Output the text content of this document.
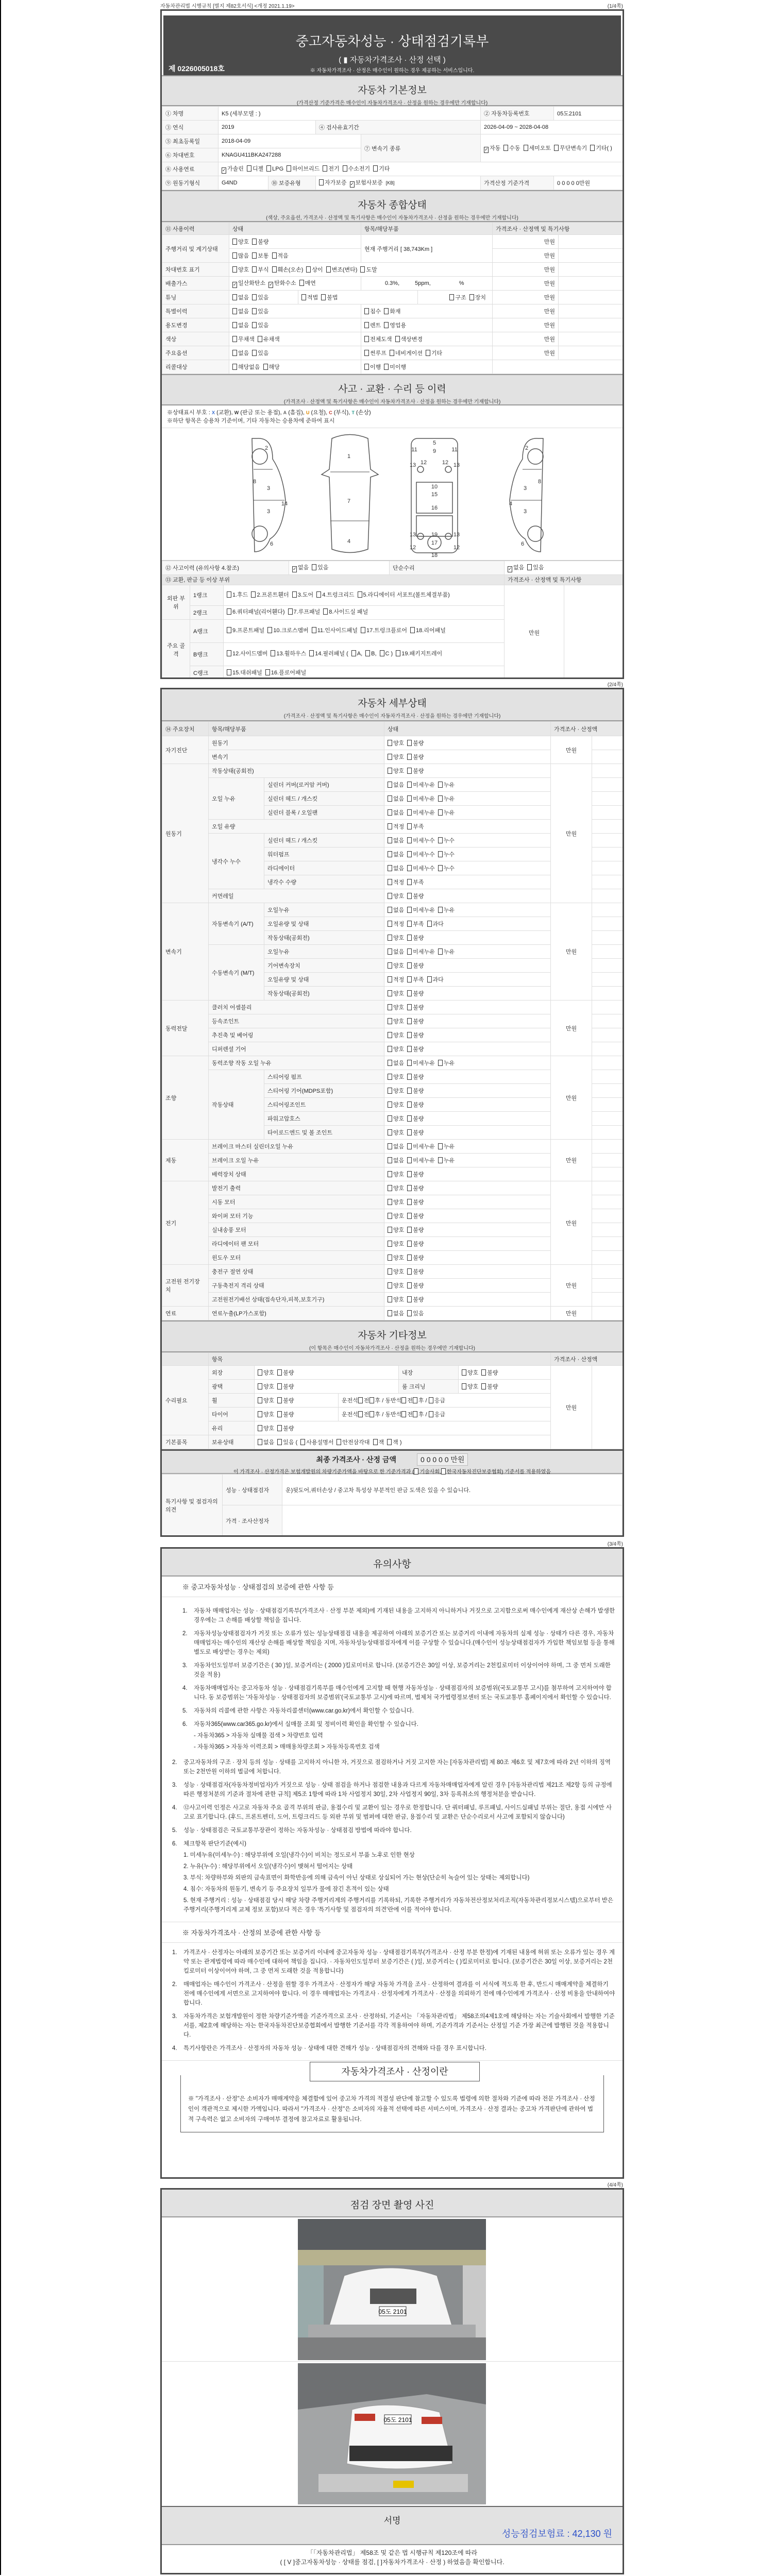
자동차관리법 시행규칙 [별지 제82호서식] <개정 2021.1.19>	(1/4쪽)
(2/4쪽)
(3/4쪽)
(4/4쪽)
중고자동차성능 · 상태점검기록부
( ▮ 자동차가격조사 · 산정 선택 )
※ 자동차가격조사 · 산정은 매수인이 원하는 경우 제공하는 서비스입니다.
제 0226005018호
자동차 기본정보
(가격산정 기준가격은 매수인이 자동차가격조사 · 산정을 원하는 경우에만 기재합니다)
① 차명	K5 (세부모델 : )				② 자동차등록번호	05도2101
③ 연식	2019		④ 검사유효기간		2026-04-09 ~ 2028-04-08	
⑤ 최초등록일	2018-04-09			⑦ 변속기 종류	✓ 자동 수동 세미오토 무단변속기 기타( )	
⑥ 차대번호	KNAGU411BKA247288					
⑧ 사용연료	✓ 가솔린 디젤 LPG 하이브리드 전기 수소전기 기타					
⑨ 원동기형식	G4ND	⑩ 보증유형	자가보증 ✓ 보험사보증 [KB]		가격산정 기준가격	0 0 0 0 0만원
자동차 종합상태
(색상, 주요옵션, 가격조사 · 산정액 및 특기사항은 매수인이 자동차가격조사 · 산정을 원하는 경우에만 기재합니다)
⑪ 사용이력	상태		항목/해당부품		가격조사 · 산정액 및 특기사항	
주행거리 및 계기상태	양호 불량		현재 주행거리 [ 38,743Km ]		만원	
	많음 보통 적음				만원	
차대번호 표기	양호 부식 훼손(오손) 상이 변조(변타) 도말				만원	
배출가스	✓ 일산화탄소 ✓ 탄화수소 매연		0.3%, 5ppm, %		만원	
튜닝	없음 있음	적법 불법		구조 장치	만원	
특별이력	없음 있음		침수 화재		만원	
용도변경	없음 있음		렌트 영업용		만원	
색상	무채색 유채색		전체도색 색상변경		만원	
주요옵션	없음 있음		썬루프 네비게이션 기타		만원	
리콜대상	해당없음 해당		이행 미이행			
사고 · 교환 · 수리 등 이력
(가격조사 · 산정액 및 특기사항은 매수인이 자동차가격조사 · 산정을 원하는 경우에만 기재합니다)
※상태표시 부호 : X (교환), W (판금 또는 용접), A (흠집), U (요철), C (부식), T (손상)
※하단 항목은 승용차 기준이며, 기타 자동차는 승용차에 준하여 표시
2
8
3
3
14
6
1
7
4
5
9
11	11
13	13
12	12
10
15
16
19
13	13
12	12
17
18
2
3
8
4
3
6
⑫ 사고이력 (유의사항 4.참조)			✓ 없음 있음	단순수리	✓ 없음 있음	
⑬ 교환, 판금 등 이상 부위					가격조사 · 산정액 및 특기사항	
외판 부위	1랭크	1.후드 2.프론트휀더 3.도어 4.트렁크리드 5.라디에이터 서포트(볼트체결부품)			만원	
	2랭크	6.쿼터패널(리어휀다) 7.루프패널 8.사이드실 패널				
주요 골격	A랭크	9.프론트패널 10.크로스멤버 11.인사이드패널 17.트렁크플로어 18.리어패널				
	B랭크	12.사이드멤버 13.휠하우스 14.필러패널 ( A, B, C ) 19.패키지트레이				
	C랭크	15.대쉬패널 16.플로어패널				
자동차 세부상태
(가격조사 · 산정액 및 특기사항은 매수인이 자동차가격조사 · 산정을 원하는 경우에만 기재합니다)
⑭ 주요장치	항목/해당부품		상태	가격조사 · 산정액	
자기진단	원동기		양호 불량	만원	
	변속기		양호 불량		
원동기	작동상태(공회전)		양호 불량	만원	
	오일 누유	실린더 커버(로커암 커버)	없음 미세누유 누유		
		실린더 헤드 / 개스킷	없음 미세누유 누유		
		실린더 블록 / 오일팬	없음 미세누유 누유		
	오일 유량		적정 부족		
	냉각수 누수	실린더 헤드 / 개스킷	없음 미세누수 누수		
		워터펌프	없음 미세누수 누수		
		라디에이터	없음 미세누수 누수		
		냉각수 수량	적정 부족		
	커먼레일		양호 불량		
변속기	자동변속기 (A/T)	오일누유	없음 미세누유 누유	만원	
		오일유량 및 상태	적정 부족 과다		
		작동상태(공회전)	양호 불량		
	수동변속기 (M/T)	오일누유	없음 미세누유 누유		
		기어변속장치	양호 불량		
		오일유량 및 상태	적정 부족 과다		
		작동상태(공회전)	양호 불량		
동력전달	클러치 어셈블리		양호 불량	만원	
	등속조인트		양호 불량		
	추진축 및 베어링		양호 불량		
	디퍼렌셜 기어		양호 불량		
조향	동력조향 작동 오일 누유		없음 미세누유 누유	만원	
	작동상태	스티어링 펌프	양호 불량		
		스티어링 기어(MDPS포함)	양호 불량		
		스티어링조인트	양호 불량		
		파워고압호스	양호 불량		
		타이로드엔드 및 볼 조인트	양호 불량		
제동	브레이크 마스터 실린더오일 누유		없음 미세누유 누유	만원	
	브레이크 오일 누유		없음 미세누유 누유		
	배력장치 상태		양호 불량		
전기	발전기 출력		양호 불량	만원	
	시동 모터		양호 불량		
	와이퍼 모터 기능		양호 불량		
	실내송풍 모터		양호 불량		
	라디에이터 팬 모터		양호 불량		
	윈도우 모터		양호 불량		
고전원 전기장치	충전구 절연 상태		양호 불량	만원	
	구동축전지 격리 상태		양호 불량		
	고전원전기배선 상태(접속단자,피복,보호기구)		양호 불량		
연료	연료누출(LP가스포함)		없음 있음	만원	
자동차 기타정보
(이 항목은 매수인이 자동차가격조사 · 산정을 원하는 경우에만 기재합니다)
	항목					가격조사 · 산정액	
수리필요	외장	양호 불량		내장	양호 불량	만원	
	광택	양호 불량		룸 크리닝	양호 불량		
	휠	양호 불량	운전석 전 후 / 동반석 전 후 / 응급				
	타이어	양호 불량	운전석 전 후 / 동반석 전 후 / 응급				
	유리	양호 불량					
기본품목	보유상태	없음 있음 ( 사용설명서 안전삼각대 잭 잭 )					
최종 가격조사 · 산정 금액	0 0 0 0 0 만원
이 가격조사 · 산정가격은 보험개발원의 차량기준가액을 바탕으로 한 기준가격과 ( 기술사회, 한국자동차진단보증협회) 기준서를 적용하였음
특기사항 및 점검자의 의견	성능 · 상태점검자	운)뒷도어,쿼터손상 / 중고차 특성상 부분적인 판금 도색은 있을 수 있습니다.
	가격 · 조사산정자	
유의사항
※ 중고자동차성능 · 상태점검의 보증에 관한 사항 등
1.	자동차 매매업자는 성능 · 상태점검기록부(가격조사 · 산정 부분 제외)에 기재된 내용을 고지하지 아니하거나 거짓으로 고지함으로써 매수인에게 재산상 손해가 발생한 경우에는 그 손해를 배상할 책임을 집니다.
2.	자동차성능상태점검자가 거짓 또는 오류가 있는 성능상태점검 내용을 제공하여 아래의 보증기간 또는 보증거리 이내에 자동차의 실제 성능 · 상태가 다른 경우, 자동차매매업자는 매수인의 재산상 손해를 배상할 책임을 지며, 자동차성능상태점검자에게 이를 구상할 수 있습니다.(매수인이 성능상태점검자가 가입한 책임보험 등을 통해 별도로 배상받는 경우는 제외)
3.	자동차인도일부터 보증기간은 ( 30 )일, 보증거리는 ( 2000 )킬로미터로 합니다. (보증기간은 30일 이상, 보증거리는 2천킬로미터 이상이어야 하며, 그 중 먼저 도래한 것을 적용)
4.	자동차매매업자는 중고자동차 성능 · 상태점검기록부를 매수인에게 고지할 때 현행 자동차성능 · 상태점검자의 보증범위(국토교통부 고시)를 첨부하여 고지하여야 합니다. 동 보증범위는 '자동차성능 · 상태점검자의 보증범위'(국토교통부 고시)에 따르며, 법제처 국가법령정보센터 또는 국토교통부 홈페이지에서 확인할 수 있습니다.
5.	자동차의 리콜에 관한 사항은 자동차리콜센터(www.car.go.kr)에서 확인할 수 있습니다.
6.	자동차365(www.car365.go.kr)에서 실매물 조회 및 정비이력 확인을 확인할 수 있습니다.
- 자동차365 > 자동차 실매물 검색 > 차량번호 입력
- 자동차365 > 자동차 이력조회 > 매매용차량조회 > 자동차등록번호 검색
2.	중고자동차의 구조 · 장치 등의 성능 · 상태를 고지하지 아니한 자, 거짓으로 점검하거나 거짓 고지한 자는 [자동차관리법] 제 80조 제6호 및 제7호에 따라 2년 이하의 징역 또는 2천만원 이하의 벌금에 처합니다.
3.	성능 · 상태점검자(자동차정비업자)가 거짓으로 성능 · 상태 점검을 하거나 점검한 내용과 다르게 자동차매매업자에게 알린 경우 [자동차관리법 제21조 제2항 등의 규정에 따른 행정처분의 기준과 절차에 관한 규칙] 제5조 1항에 따라 1차 사업정지 30일, 2차 사업정지 90일, 3차 등록취소의 행정처분을 받습니다.
4.	⑫사고이력 인정은 사고로 자동차 주요 골격 부위의 판금, 용접수리 및 교환이 있는 경우로 한정합니다. 단 쿼터패널, 루프패널, 사이드실패널 부위는 절단, 용접 시에만 사고로 표기합니다. (후드, 프론트펜더, 도어, 트렁크리드 등 외판 부위 및 범퍼에 대한 판금, 용접수리 및 교환은 단순수리로서 사고에 포함되지 않습니다)
5.	성능 · 상태점검은 국토교통부장관이 정하는 자동차성능 · 상태점검 방법에 따라야 합니다.
6.	체크항목 판단기준(예시)
1. 미세누유(미세누수) : 해당부위에 오일(냉각수)이 비치는 정도로서 부품 노후로 인한 현상
2. 누유(누수) : 해당부위에서 오일(냉각수)이 맺혀서 떨어지는 상태
3. 부식: 차량하부와 외판의 금속표면이 화학반응에 의해 금속이 아닌 상태로 상실되어 가는 현상(단순히 녹슬어 있는 상태는 제외합니다)
4. 침수: 자동차의 원동기, 변속기 등 주요장치 일부가 물에 잠긴 흔적이 있는 상태
5. 현재 주행거리 : 성능 · 상태점검 당시 해당 차량 주행거리계의 주행거리를 기록하되, 기록한 주행거리가 자동차전산정보처리조직(자동차관리정보시스템)으로부터 받은 주행거리(주행거리계 교체 정보 포함)보다 적은 경우 '특기사항 및 점검자의 의견'란에 이를 적어야 합니다.
※ 자동차가격조사 · 산정의 보증에 관한 사항 등
1.	가격조사 · 산정자는 아래의 보증기간 또는 보증거리 이내에 중고자동차 성능 · 상태점검기록부(가격조사 · 산정 부분 한정)에 기재된 내용에 허위 또는 오류가 있는 경우 계약 또는 관계법령에 따라 매수인에 대하여 책임을 집니다. · 자동차인도일부터 보증기간은 ( )일, 보증거리는 ( )킬로미터로 합니다. (보증기간은 30일 이상, 보증거리는 2천킬로미터 이상이어야 하며, 그 중 먼저 도래한 것을 적용합니다)
2.	매매업자는 매수인이 가격조사 · 산정을 원할 경우 가격조사 · 산정자가 해당 자동차 가격을 조사 · 산정하여 결과를 이 서식에 적도록 한 후, 반드시 매매계약을 체결하기 전에 매수인에게 서면으로 고지하여야 합니다. 이 경우 매매업자는 가격조사 · 산정자에게 가격조사 · 산정을 의뢰하기 전에 매수인에게 가격조사 · 산정 비용을 안내하여야 합니다.
3.	자동차가격은 보험개발원이 정한 차량기준가액을 기준가격으로 조사 · 산정하되, 기준서는 「자동차관리법」 제58조의4제1호에 해당하는 자는 기술사회에서 발행한 기준서를, 제2호에 해당하는 자는 한국자동차진단보증협회에서 발행한 기준서를 각각 적용하여야 하며, 기준가격과 기준서는 산정일 기준 가장 최근에 발행된 것을 적용합니다.
4.	특기사항란은 가격조사 · 산정자의 자동차 성능 · 상태에 대한 견해가 성능 · 상태점검자의 견해와 다를 경우 표시합니다.
자동차가격조사 · 산정이란
※ "가격조사 · 산정"은 소비자가 매매계약을 체결함에 있어 중고차 가격의 적절성 판단에 참고할 수 있도록 법령에 의한 절차와 기준에 따라 전문 가격조사 · 산정인이 객관적으로 제시한 가액입니다. 따라서 "가격조사 · 산정"은 소비자의 자율적 선택에 따른 서비스이며, 가격조사 · 산정 결과는 중고차 가격판단에 관하여 법적 구속력은 없고 소비자의 구매여부 결정에 참고자료로 활용됩니다.
점검 장면 촬영 사진
05도 2101
05도 2101
서명
성능점검보험료 : 42,130 원
「「자동차관리법」 제58조 및 같은 법 시행규칙 제120조에 따라
( [ V ]중고자동차성능 · 상태를 점검, [ ]자동차가격조사 · 산정 ) 하였음을 확인합니다.
